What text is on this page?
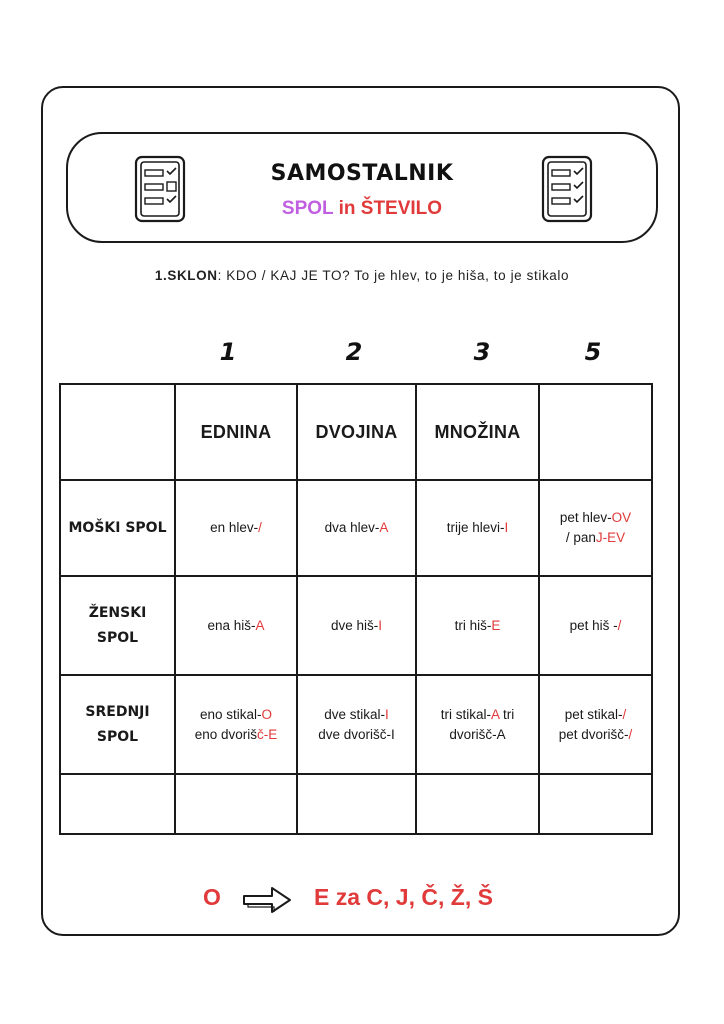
SAMOSTALNIK
SPOL in ŠTEVILO
1.SKLON: KDO / KAJ JE TO? To je hlev, to je hiša, to je stikalo
1	2	3	5
	EDNINA	DVOJINA	MNOŽINA	
MOŠKI SPOL	en hlev-/	dva hlev-A	trije hlevi-I	pet hlev-OV
/ panJ-EV
ŽENSKI
SPOL	ena hiš-A	dve hiš-I	tri hiš-E	pet hiš -/
SREDNJI
SPOL	eno stikal-O
eno dvorišč-E	dve stikal-I
dve dvorišč-I	tri stikal-A tri
dvorišč-A	pet stikal-/
pet dvorišč-/

O	E za C, J, Č, Ž, Š
